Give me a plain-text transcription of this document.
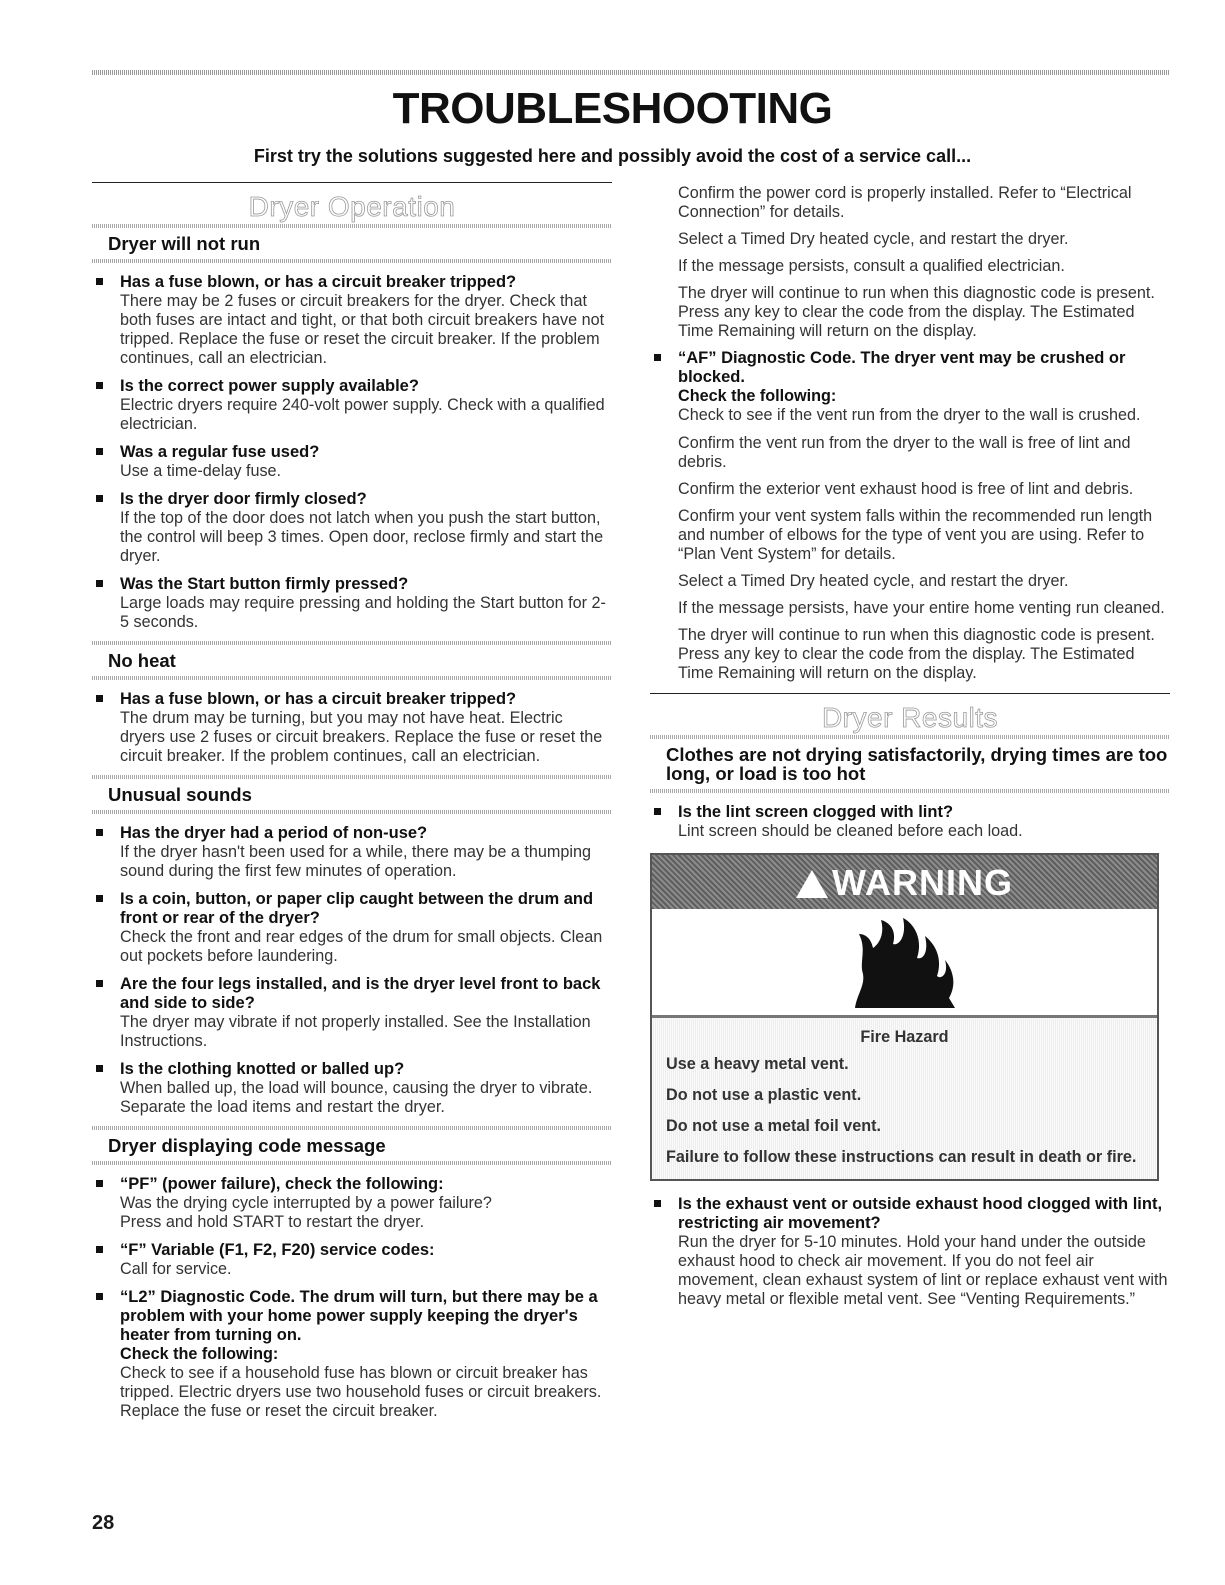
TROUBLESHOOTING
First try the solutions suggested here and possibly avoid the cost of a service call...
Dryer Operation
Dryer will not run
Has a fuse blown, or has a circuit breaker tripped?
There may be 2 fuses or circuit breakers for the dryer. Check that both fuses are intact and tight, or that both circuit breakers have not tripped. Replace the fuse or reset the circuit breaker. If the problem continues, call an electrician.
Is the correct power supply available?
Electric dryers require 240-volt power supply. Check with a qualified electrician.
Was a regular fuse used?
Use a time-delay fuse.
Is the dryer door firmly closed?
If the top of the door does not latch when you push the start button, the control will beep 3 times. Open door, reclose firmly and start the dryer.
Was the Start button firmly pressed?
Large loads may require pressing and holding the Start button for 2-5 seconds.
No heat
Has a fuse blown, or has a circuit breaker tripped?
The drum may be turning, but you may not have heat. Electric dryers use 2 fuses or circuit breakers. Replace the fuse or reset the circuit breaker. If the problem continues, call an electrician.
Unusual sounds
Has the dryer had a period of non-use?
If the dryer hasn't been used for a while, there may be a thumping sound during the first few minutes of operation.
Is a coin, button, or paper clip caught between the drum and front or rear of the dryer?
Check the front and rear edges of the drum for small objects. Clean out pockets before laundering.
Are the four legs installed, and is the dryer level front to back and side to side?
The dryer may vibrate if not properly installed. See the Installation Instructions.
Is the clothing knotted or balled up?
When balled up, the load will bounce, causing the dryer to vibrate. Separate the load items and restart the dryer.
Dryer displaying code message
“PF” (power failure), check the following:
Was the drying cycle interrupted by a power failure?
Press and hold START to restart the dryer.
“F” Variable (F1, F2, F20) service codes:
Call for service.
“L2” Diagnostic Code. The drum will turn, but there may be a problem with your home power supply keeping the dryer's heater from turning on.
Check the following:
Check to see if a household fuse has blown or circuit breaker has tripped. Electric dryers use two household fuses or circuit breakers. Replace the fuse or reset the circuit breaker.
Confirm the power cord is properly installed. Refer to “Electrical Connection” for details.
Select a Timed Dry heated cycle, and restart the dryer.
If the message persists, consult a qualified electrician.
The dryer will continue to run when this diagnostic code is present. Press any key to clear the code from the display. The Estimated Time Remaining will return on the display.
“AF” Diagnostic Code. The dryer vent may be crushed or blocked.
Check the following:
Check to see if the vent run from the dryer to the wall is crushed.
Confirm the vent run from the dryer to the wall is free of lint and debris.
Confirm the exterior vent exhaust hood is free of lint and debris.
Confirm your vent system falls within the recommended run length and number of elbows for the type of vent you are using. Refer to “Plan Vent System” for details.
Select a Timed Dry heated cycle, and restart the dryer.
If the message persists, have your entire home venting run cleaned.
The dryer will continue to run when this diagnostic code is present. Press any key to clear the code from the display. The Estimated Time Remaining will return on the display.
Dryer Results
Clothes are not drying satisfactorily, drying times are too long, or load is too hot
Is the lint screen clogged with lint?
Lint screen should be cleaned before each load.
WARNING
Fire Hazard
Use a heavy metal vent.
Do not use a plastic vent.
Do not use a metal foil vent.
Failure to follow these instructions can result in death or fire.
Is the exhaust vent or outside exhaust hood clogged with lint, restricting air movement?
Run the dryer for 5-10 minutes. Hold your hand under the outside exhaust hood to check air movement. If you do not feel air movement, clean exhaust system of lint or replace exhaust vent with heavy metal or flexible metal vent. See “Venting Requirements.”
28
